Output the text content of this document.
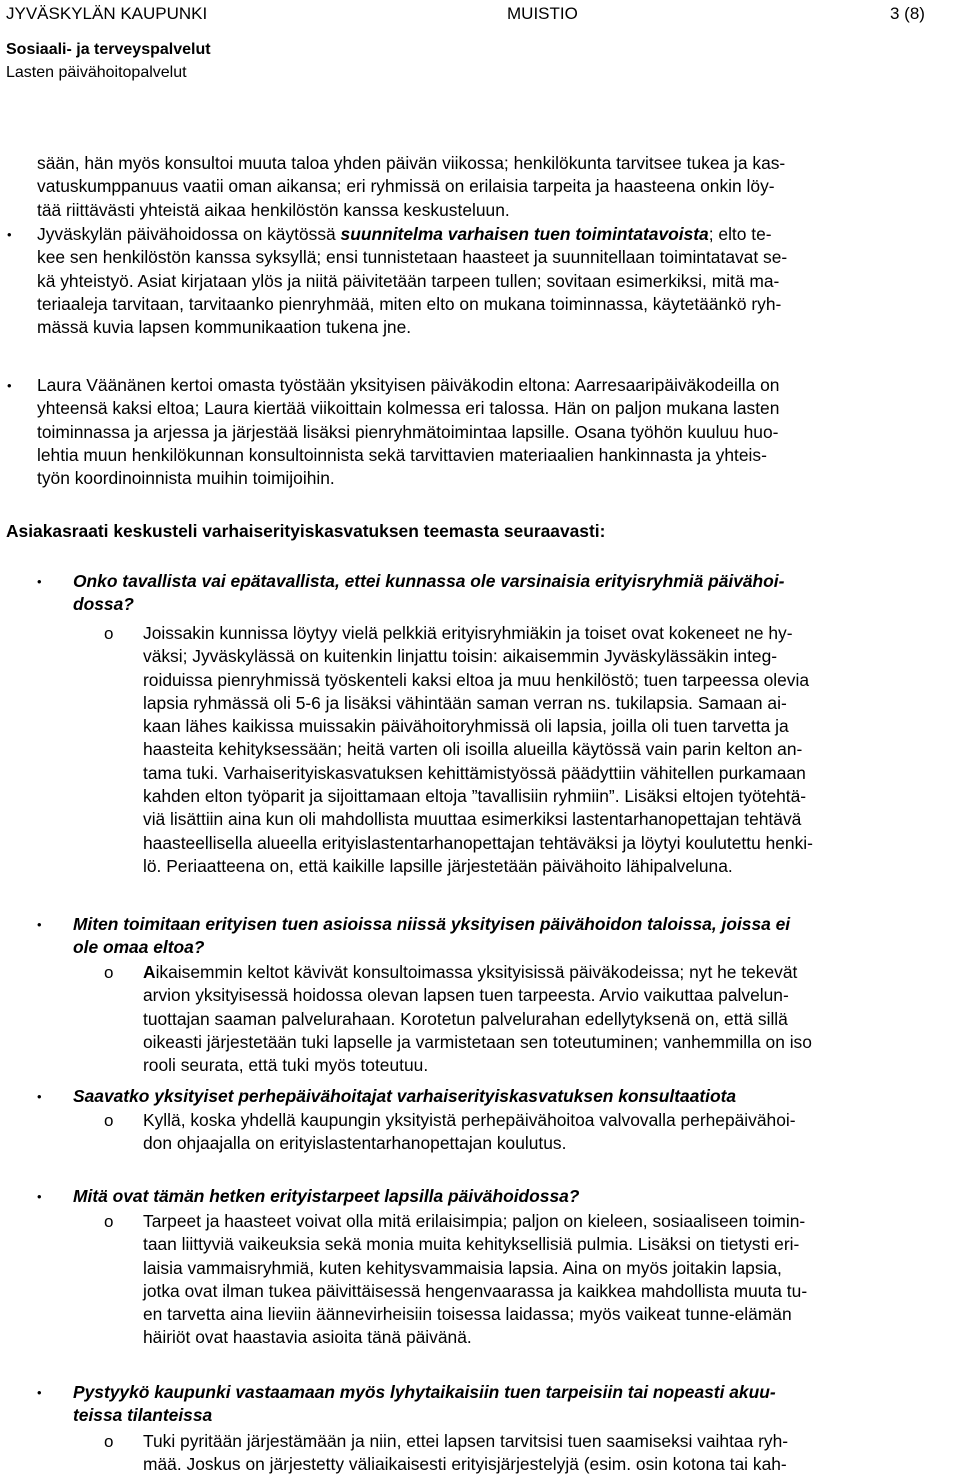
JYVÄSKYLÄN KAUPUNKI	MUISTIO	3 (8)
Sosiaali- ja terveyspalvelut
Lasten päivähoitopalvelut
sään, hän myös konsultoi muuta taloa yhden päivän viikossa; henkilökunta tarvitsee tukea ja kas-
vatuskumppanuus vaatii oman aikansa; eri ryhmissä on erilaisia tarpeita ja haasteena onkin löy-
tää riittävästi yhteistä aikaa henkilöstön kanssa keskusteluun.
• Jyväskylän päivähoidossa on käytössä suunnitelma varhaisen tuen toimintatavoista; elto te-
kee sen henkilöstön kanssa syksyllä; ensi tunnistetaan haasteet ja suunnitellaan toimintatavat se-
kä yhteistyö. Asiat kirjataan ylös ja niitä päivitetään tarpeen tullen; sovitaan esimerkiksi, mitä ma-
teriaaleja tarvitaan, tarvitaanko pienryhmää, miten elto on mukana toiminnassa, käytetäänkö ryh-
mässä kuvia lapsen kommunikaation tukena jne.
• Laura Väänänen kertoi omasta työstään yksityisen päiväkodin eltona: Aarresaaripäiväkodeilla on
yhteensä kaksi eltoa; Laura kiertää viikoittain kolmessa eri talossa. Hän on paljon mukana lasten
toiminnassa ja arjessa ja järjestää lisäksi pienryhmätoimintaa lapsille. Osana työhön kuuluu huo-
lehtia muun henkilökunnan konsultoinnista sekä tarvittavien materiaalien hankinnasta ja yhteis-
työn koordinoinnista muihin toimijoihin.
Asiakasraati keskusteli varhaiserityiskasvatuksen teemasta seuraavasti:
• Onko tavallista vai epätavallista, ettei kunnassa ole varsinaisia erityisryhmiä päivähoi-
dossa?
o Joissakin kunnissa löytyy vielä pelkkiä erityisryhmiäkin ja toiset ovat kokeneet ne hy-
väksi; Jyväskylässä on kuitenkin linjattu toisin: aikaisemmin Jyväskylässäkin integ-
roiduissa pienryhmissä työskenteli kaksi eltoa ja muu henkilöstö; tuen tarpeessa olevia
lapsia ryhmässä oli 5-6 ja lisäksi vähintään saman verran ns. tukilapsia. Samaan ai-
kaan lähes kaikissa muissakin päivähoitoryhmissä oli lapsia, joilla oli tuen tarvetta ja
haasteita kehityksessään; heitä varten oli isoilla alueilla käytössä vain parin kelton an-
tama tuki. Varhaiserityiskasvatuksen kehittämistyössä päädyttiin vähitellen purkamaan
kahden elton työparit ja sijoittamaan eltoja ”tavallisiin ryhmiin”. Lisäksi eltojen työtehtä-
viä lisättiin aina kun oli mahdollista muuttaa esimerkiksi lastentarhanopettajan tehtävä
haasteellisella alueella erityislastentarhanopettajan tehtäväksi ja löytyi koulutettu henki-
lö. Periaatteena on, että kaikille lapsille järjestetään päivähoito lähipalveluna.
• Miten toimitaan erityisen tuen asioissa niissä yksityisen päivähoidon taloissa, joissa ei
ole omaa eltoa?
o Aikaisemmin keltot kävivät konsultoimassa yksityisissä päiväkodeissa; nyt he tekevät
arvion yksityisessä hoidossa olevan lapsen tuen tarpeesta. Arvio vaikuttaa palvelun-
tuottajan saaman palvelurahaan. Korotetun palvelurahan edellytyksenä on, että sillä
oikeasti järjestetään tuki lapselle ja varmistetaan sen toteutuminen; vanhemmilla on iso
rooli seurata, että tuki myös toteutuu.
• Saavatko yksityiset perhepäivähoitajat varhaiserityiskasvatuksen konsultaatiota
o Kyllä, koska yhdellä kaupungin yksityistä perhepäivähoitoa valvovalla perhepäivähoi-
don ohjaajalla on erityislastentarhanopettajan koulutus.
• Mitä ovat tämän hetken erityistarpeet lapsilla päivähoidossa?
o Tarpeet ja haasteet voivat olla mitä erilaisimpia; paljon on kieleen, sosiaaliseen toimin-
taan liittyviä vaikeuksia sekä monia muita kehityksellisiä pulmia. Lisäksi on tietysti eri-
laisia vammaisryhmiä, kuten kehitysvammaisia lapsia. Aina on myös joitakin lapsia,
jotka ovat ilman tukea päivittäisessä hengenvaarassa ja kaikkea mahdollista muuta tu-
en tarvetta aina lieviin äännevirheisiin toisessa laidassa; myös vaikeat tunne-elämän
häiriöt ovat haastavia asioita tänä päivänä.
• Pystyykö kaupunki vastaamaan myös lyhytaikaisiin tuen tarpeisiin tai nopeasti akuu-
teissa tilanteissa
o Tuki pyritään järjestämään ja niin, ettei lapsen tarvitsisi tuen saamiseksi vaihtaa ryh-
mää. Joskus on järjestetty väliaikaisesti erityisjärjestelyjä (esim. osin kotona tai kah-
